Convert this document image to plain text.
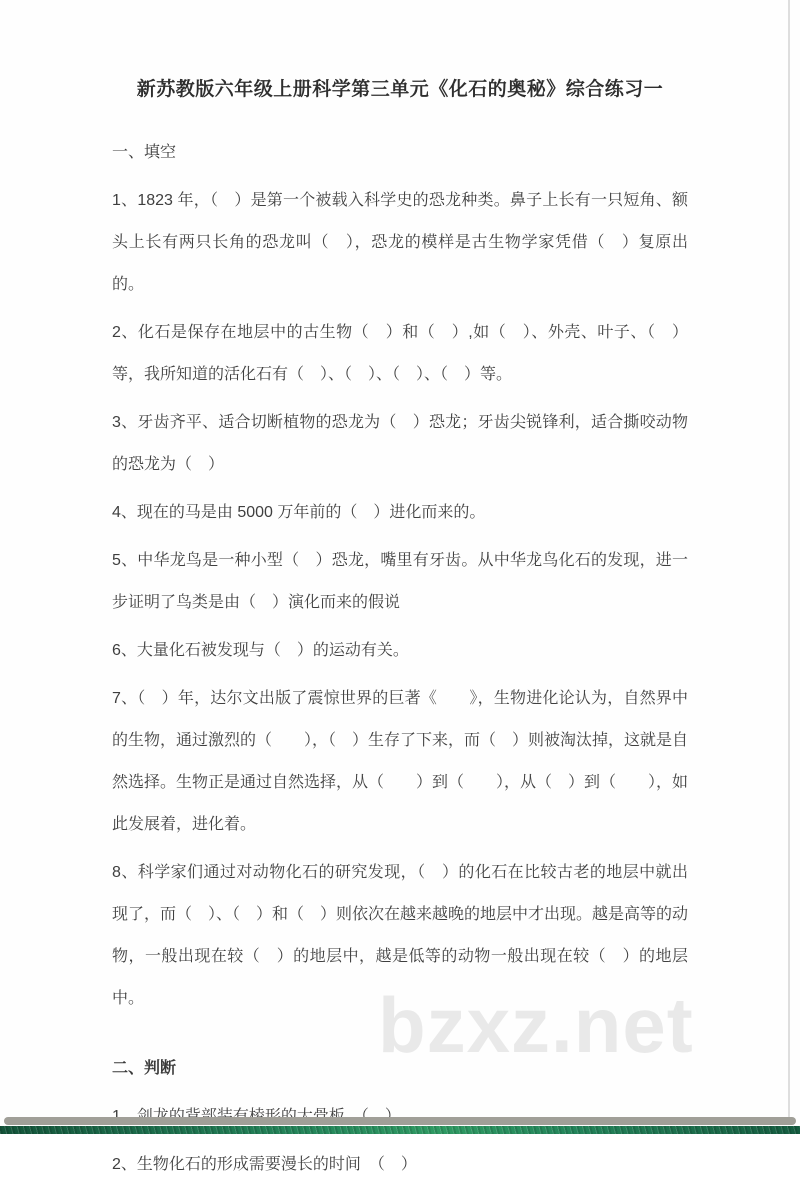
bzxz.net
新苏教版六年级上册科学第三单元《化石的奥秘》综合练习一
一、填空

1、1823 年，（　）是第一个被载入科学史的恐龙种类。鼻子上长有一只短角、额头上长有两只长角的恐龙叫（　），恐龙的模样是古生物学家凭借（　）复原出的。

2、化石是保存在地层中的古生物（　）和（　）,如（　）、外壳、叶子、（　）等，我所知道的活化石有（　）、（　）、（　）、（　）等。

3、牙齿齐平、适合切断植物的恐龙为（　）恐龙；牙齿尖锐锋利，适合撕咬动物的恐龙为（　）

4、现在的马是由 5000 万年前的（　）进化而来的。

5、中华龙鸟是一种小型（　）恐龙，嘴里有牙齿。从中华龙鸟化石的发现，进一步证明了鸟类是由（　）演化而来的假说

6、大量化石被发现与（　）的运动有关。

7、（　）年，达尔文出版了震惊世界的巨著《　　》，生物进化论认为，自然界中的生物，通过激烈的（　　），（　）生存了下来，而（　）则被淘汰掉，这就是自然选择。生物正是通过自然选择，从（　　）到（　　），从（　）到（　　），如此发展着，进化着。

8、科学家们通过对动物化石的研究发现，（　）的化石在比较古老的地层中就出现了，而（　）、（　）和（　）则依次在越来越晚的地层中才出现。越是高等的动物，一般出现在较（　）的地层中，越是低等的动物一般出现在较（　）的地层中。

二、判断

2、生物化石的形成需要漫长的时间　（　）
